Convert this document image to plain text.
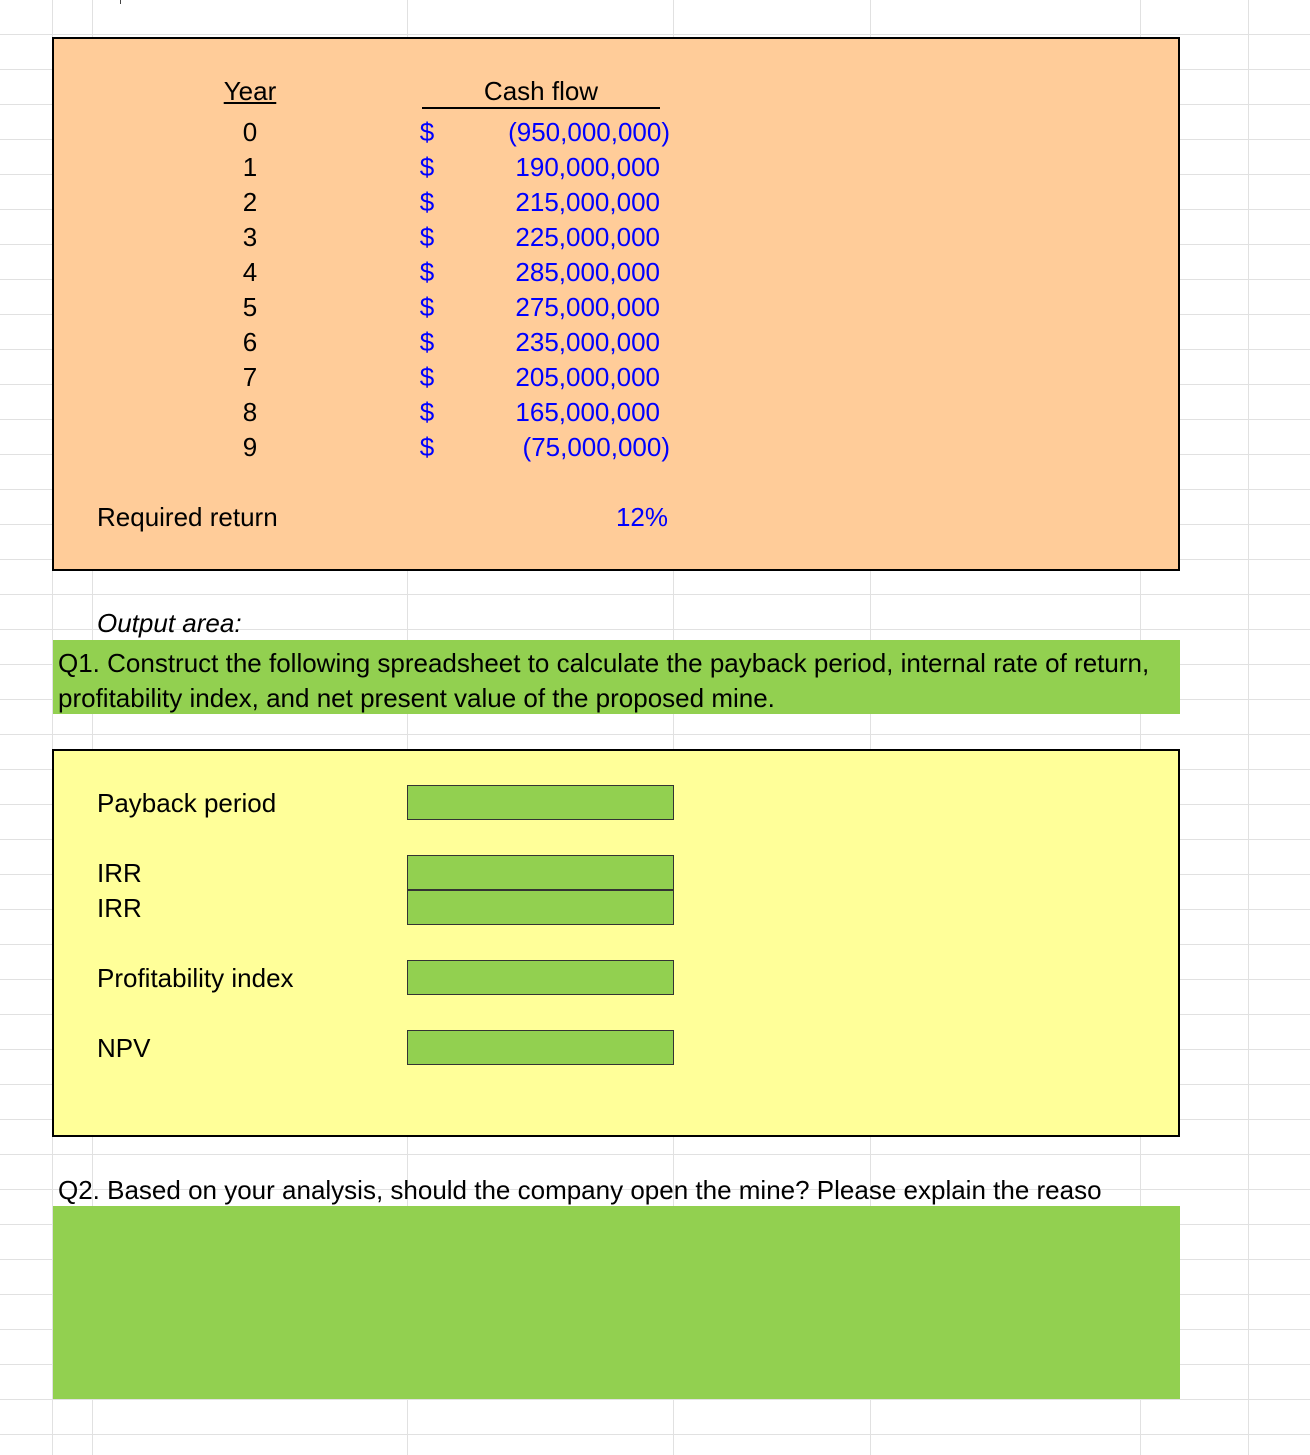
Year	Cash flow
0	$	(950,000,000)
1	$	190,000,000
2	$	215,000,000
3	$	225,000,000
4	$	285,000,000
5	$	275,000,000
6	$	235,000,000
7	$	205,000,000
8	$	165,000,000
9	$	(75,000,000)
Required return	12%
Output area:
Q1. Construct the following spreadsheet to calculate the payback period, internal rate of return, profitability index, and net present value of the proposed mine.
Payback period
IRR
IRR
Profitability index
NPV
Q2. Based on your analysis, should the company open the mine? Please explain the reaso
